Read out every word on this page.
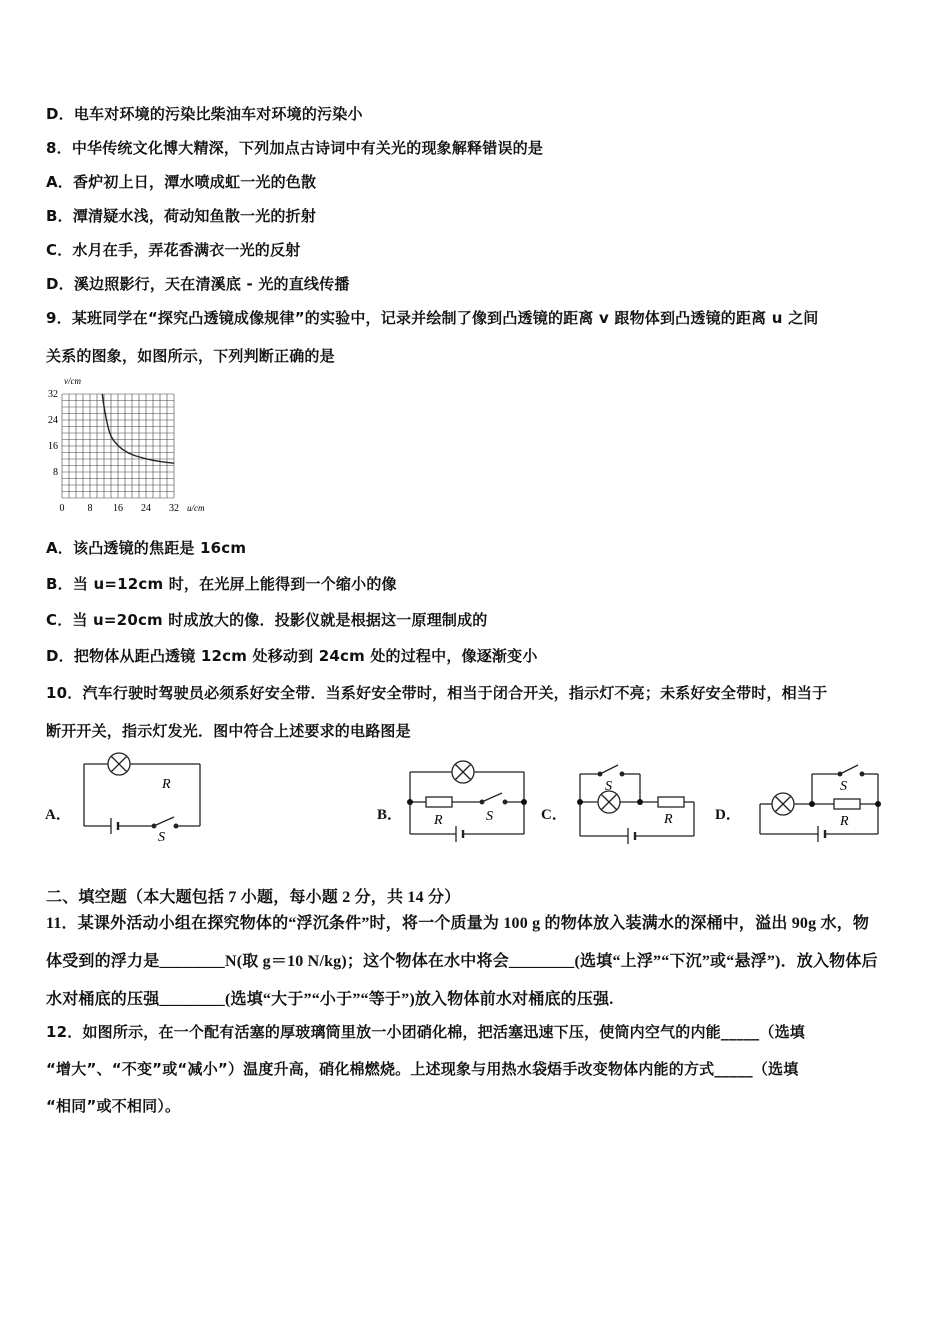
D．电车对环境的污染比柴油车对环境的污染小
8．中华传统文化博大精深，下列加点古诗词中有关光的现象解释错误的是
A．香炉初上日，潭水喷成虹一光的色散
B．潭清疑水浅，荷动知鱼散一光的折射
C．水月在手，弄花香满衣一光的反射
D．溪边照影行，天在清溪底 - 光的直线传播
9．某班同学在“探究凸透镜成像规律”的实验中，记录并绘制了像到凸透镜的距离 v 跟物体到凸透镜的距离 u 之间
关系的图象，如图所示，下列判断正确的是
0 8 16 24 32
8
16
24
32
v/cm
u/cm
A．该凸透镜的焦距是 16cm
B．当 u=12cm 时，在光屏上能得到一个缩小的像
C．当 u=20cm 时成放大的像．投影仪就是根据这一原理制成的
D．把物体从距凸透镜 12cm 处移动到 24cm 处的过程中，像逐渐变小
10．汽车行驶时驾驶员必须系好安全带．当系好安全带时，相当于闭合开关，指示灯不亮；未系好安全带时，相当于
断开开关，指示灯发光．图中符合上述要求的电路图是
A．	B．	C．	D．
R
S
R	S
S
R
S
R
二、填空题（本大题包括 7 小题，每小题 2 分，共 14 分）
11．某课外活动小组在探究物体的“浮沉条件”时，将一个质量为 100 g 的物体放入装满水的深桶中，溢出 90g 水，物
体受到的浮力是________N(取 g＝10 N/kg)；这个物体在水中将会________(选填“上浮”“下沉”或“悬浮”)．放入物体后
水对桶底的压强________(选填“大于”“小于”“等于”)放入物体前水对桶底的压强.
12．如图所示，在一个配有活塞的厚玻璃筒里放一小团硝化棉，把活塞迅速下压，使筒内空气的内能_____（选填
“增大”、“不变”或“减小”）温度升高，硝化棉燃烧。上述现象与用热水袋焐手改变物体内能的方式_____（选填
“相同”或不相同）。
